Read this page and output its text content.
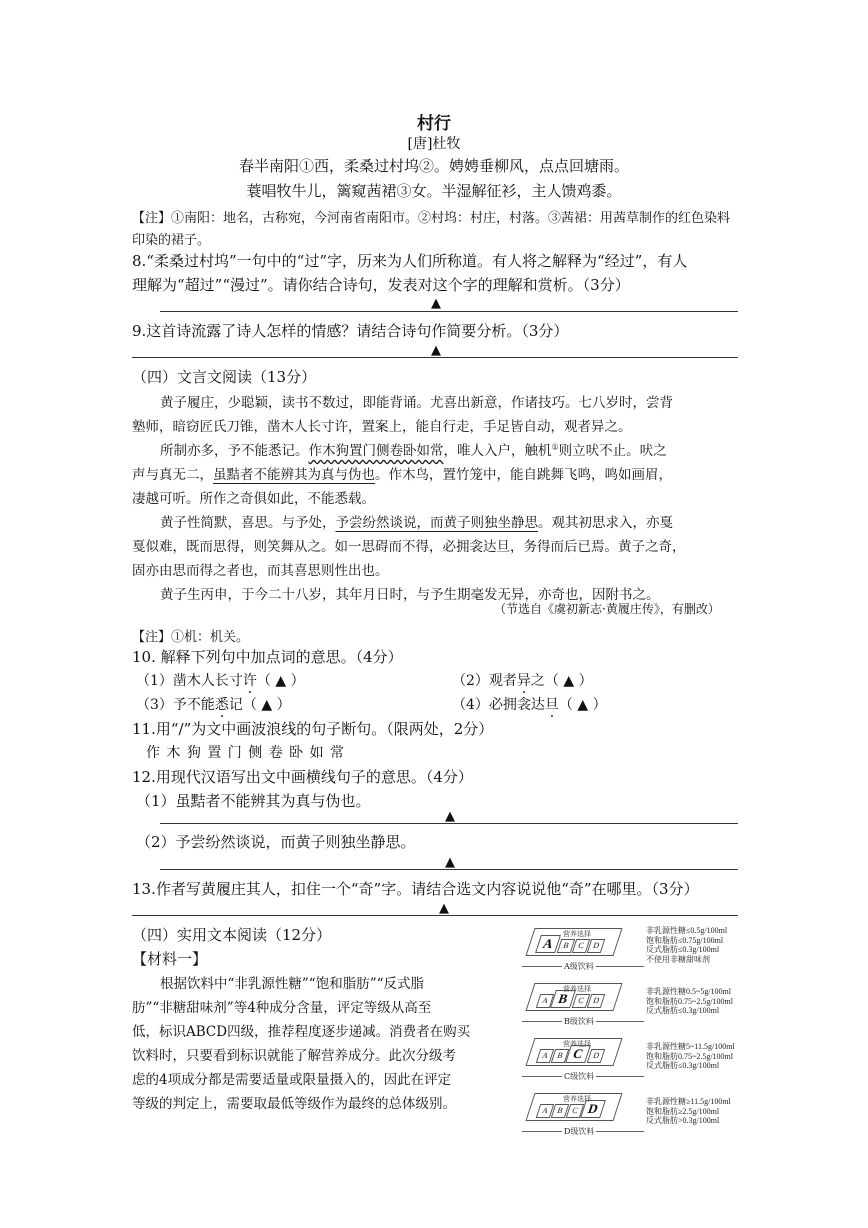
村行
[唐]杜牧
春半南阳①西，柔桑过村坞②。娉娉垂柳风，点点回塘雨。
蓑唱牧牛儿，篱窥茜裙③女。半湿解征衫，主人馈鸡黍。
【注】①南阳：地名，古称宛，今河南省南阳市。②村坞：村庄，村落。③茜裙：用茜草制作的红色染料
印染的裙子。
8.“柔桑过村坞”一句中的“过”字，历来为人们所称道。有人将之解释为“经过”，有人
理解为“超过”“漫过”。请你结合诗句，发表对这个字的理解和赏析。（3分）
▲
9.这首诗流露了诗人怎样的情感？请结合诗句作简要分析。（3分）
▲
（四）文言文阅读（13分）
黄子履庄，少聪颖，读书不数过，即能背诵。尤喜出新意，作诸技巧。七八岁时，尝背
塾师，暗窃匠氏刀锥，凿木人长寸许，置案上，能自行走，手足皆自动，观者异之。
所制亦多，予不能悉记。作木狗置门侧卷卧如常，唯人入户，触机①则立吠不止。吠之
声与真无二，虽黠者不能辨其为真与伪也。作木鸟，置竹笼中，能自跳舞飞鸣，鸣如画眉，
凄越可听。所作之奇俱如此，不能悉载。
黄子性简默，喜思。与予处，予尝纷然谈说，而黄子则独坐静思。观其初思求入，亦戛
戛似难，既而思得，则笑舞从之。如一思碍而不得，必拥衾达旦，务得而后已焉。黄子之奇，
固亦由思而得之者也，而其喜思则性出也。
黄子生丙申，于今二十八岁，其年月日时，与予生期毫发无异，亦奇也，因附书之。
（节选自《虞初新志·黄履庄传》，有删改）
【注】①机：机关。
10. 解释下列句中加点词的意思。（4分）
（1）凿木人长寸许（ ▲ ）	（2）观者异之（ ▲ ）
（3）予不能悉记（ ▲ ）	（4）必拥衾达旦（ ▲ ）
11.用“/”为文中画波浪线的句子断句。（限两处，2分）
作 木 狗 置 门 侧 卷 卧 如 常
12.用现代汉语写出文中画横线句子的意思。（4分）
（1）虽黠者不能辨其为真与伪也。
▲
（2）予尝纷然谈说，而黄子则独坐静思。
▲
13.作者写黄履庄其人，扣住一个“奇”字。请结合选文内容说说他“奇”在哪里。（3分）
▲
（四）实用文本阅读（12分）
【材料一】
根据饮料中“非乳源性糖”“饱和脂肪”“反式脂
肪”“非糖甜味剂”等4种成分含量，评定等级从高至
低，标识ABCD四级，推荐程度逐步递减。消费者在购买
饮料时，只要看到标识就能了解营养成分。此次分级考
虑的4项成分都是需要适量或限量摄入的，因此在评定
等级的判定上，需要取最低等级作为最终的总体级别。
营养选择
A B C D
A级饮料
非乳源性糖≤0.5g/100ml
饱和脂肪≤0.75g/100ml
反式脂肪≤0.3g/100ml
不使用非糖甜味剂
营养选择
A B C D
B级饮料
非乳源性糖0.5~5g/100ml
饱和脂肪0.75~2.5g/100ml
反式脂肪≤0.3g/100ml
营养选择
A B C D
C级饮料
非乳源性糖5~11.5g/100ml
饱和脂肪0.75~2.5g/100ml
反式脂肪≤0.3g/100ml
营养选择
A B C D
D级饮料
非乳源性糖≥11.5g/100ml
饱和脂肪≥2.5g/100ml
反式脂肪>0.3g/100ml
